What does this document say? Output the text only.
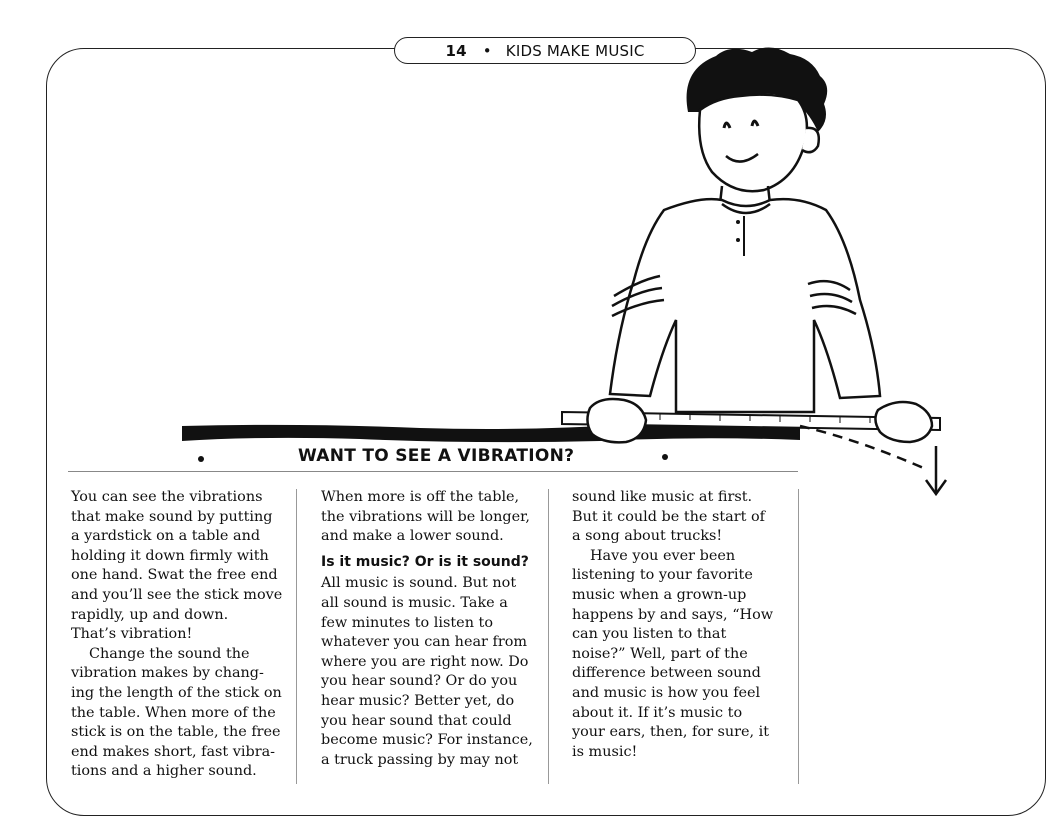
14 • KIDS MAKE MUSIC
WANT TO SEE A VIBRATION?

You can see the vibrations

that make sound by putting

a yardstick on a table and

holding it down firmly with

one hand. Swat the free end

and you’ll see the stick move

rapidly, up and down.

That’s vibration!

Change the sound the

vibration makes by chang-

ing the length of the stick on

the table. When more of the

stick is on the table, the free

end makes short, fast vibra-

tions and a higher sound.

When more is off the table,

the vibrations will be longer,

and make a lower sound.

Is it music? Or is it sound?

All music is sound. But not

all sound is music. Take a

few minutes to listen to

whatever you can hear from

where you are right now. Do

you hear sound? Or do you

hear music? Better yet, do

you hear sound that could

become music? For instance,

a truck passing by may not

sound like music at first.

But it could be the start of

a song about trucks!

Have you ever been

listening to your favorite

music when a grown-up

happens by and says, “How

can you listen to that

noise?” Well, part of the

difference between sound

and music is how you feel

about it. If it’s music to

your ears, then, for sure, it

is music!
